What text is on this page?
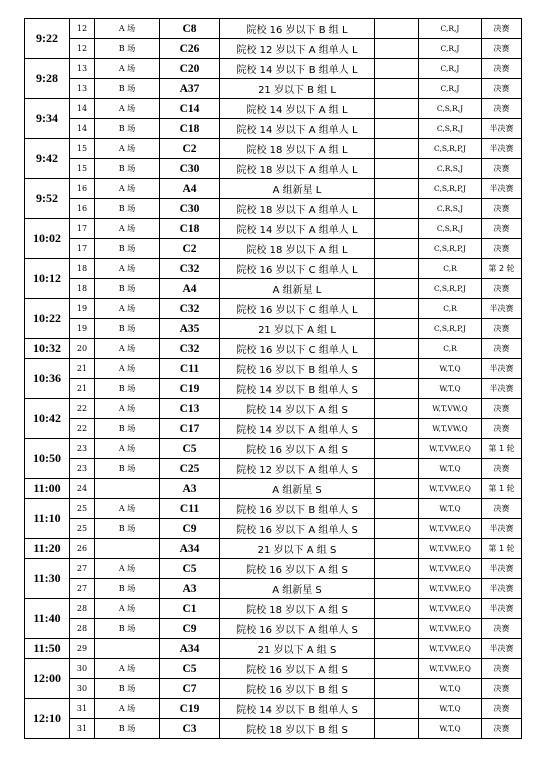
9:22	12	A 场	C8	院校 16 岁以下 B 组 L		C,R,J	决赛
	12	B 场	C26	院校 12 岁以下 A 组单人 L		C,R,J	决赛
9:28	13	A 场	C20	院校 14 岁以下 B 组单人 L		C,R,J	决赛
	13	B 场	A37	21 岁以下 B 组 L		C,R,J	决赛
9:34	14	A 场	C14	院校 14 岁以下 A 组 L		C,S,R,J	决赛
	14	B 场	C18	院校 14 岁以下 A 组单人 L		C,S,R,J	半决赛
9:42	15	A 场	C2	院校 18 岁以下 A 组 L		C,S,R,P,J	半决赛
	15	B 场	C30	院校 18 岁以下 A 组单人 L		C,R,S,J	决赛
9:52	16	A 场	A4	A 组新星 L		C,S,R,P,J	半决赛
	16	B 场	C30	院校 18 岁以下 A 组单人 L		C,R,S,J	决赛
10:02	17	A 场	C18	院校 14 岁以下 A 组单人 L		C,S,R,J	决赛
	17	B 场	C2	院校 18 岁以下 A 组 L		C,S,R,P,J	决赛
10:12	18	A 场	C32	院校 16 岁以下 C 组单人 L		C,R	第 2 轮
	18	B 场	A4	A 组新星 L		C,S,R,P,J	决赛
10:22	19	A 场	C32	院校 16 岁以下 C 组单人 L		C,R	半决赛
	19	B 场	A35	21 岁以下 A 组 L		C,S,R,P,J	决赛
10:32	20	A 场	C32	院校 16 岁以下 C 组单人 L		C,R	决赛
10:36	21	A 场	C11	院校 16 岁以下 B 组单人 S		W,T,Q	半决赛
	21	B 场	C19	院校 14 岁以下 B 组单人 S		W,T,Q	半决赛
10:42	22	A 场	C13	院校 14 岁以下 A 组 S		W,T,VW,Q	决赛
	22	B 场	C17	院校 14 岁以下 A 组单人 S		W,T,VW,Q	决赛
10:50	23	A 场	C5	院校 16 岁以下 A 组 S		W,T,VW,F,Q	第 1 轮
	23	B 场	C25	院校 12 岁以下 A 组单人 S		W,T,Q	决赛
11:00	24		A3	A 组新星 S		W,T,VW,F,Q	第 1 轮
11:10	25	A 场	C11	院校 16 岁以下 B 组单人 S		W,T,Q	决赛
	25	B 场	C9	院校 16 岁以下 A 组单人 S		W,T,VW,F,Q	半决赛
11:20	26		A34	21 岁以下 A 组 S		W,T,VW,F,Q	第 1 轮
11:30	27	A 场	C5	院校 16 岁以下 A 组 S		W,T,VW,F,Q	半决赛
	27	B 场	A3	A 组新星 S		W,T,VW,F,Q	半决赛
11:40	28	A 场	C1	院校 18 岁以下 A 组 S		W,T,VW,F,Q	半决赛
	28	B 场	C9	院校 16 岁以下 A 组单人 S		W,T,VW,F,Q	决赛
11:50	29		A34	21 岁以下 A 组 S		W,T,VW,F,Q	半决赛
12:00	30	A 场	C5	院校 16 岁以下 A 组 S		W,T,VW,F,Q	决赛
	30	B 场	C7	院校 16 岁以下 B 组 S		W,T,Q	决赛
12:10	31	A 场	C19	院校 14 岁以下 B 组单人 S		W,T,Q	决赛
	31	B 场	C3	院校 18 岁以下 B 组 S		W,T,Q	决赛
